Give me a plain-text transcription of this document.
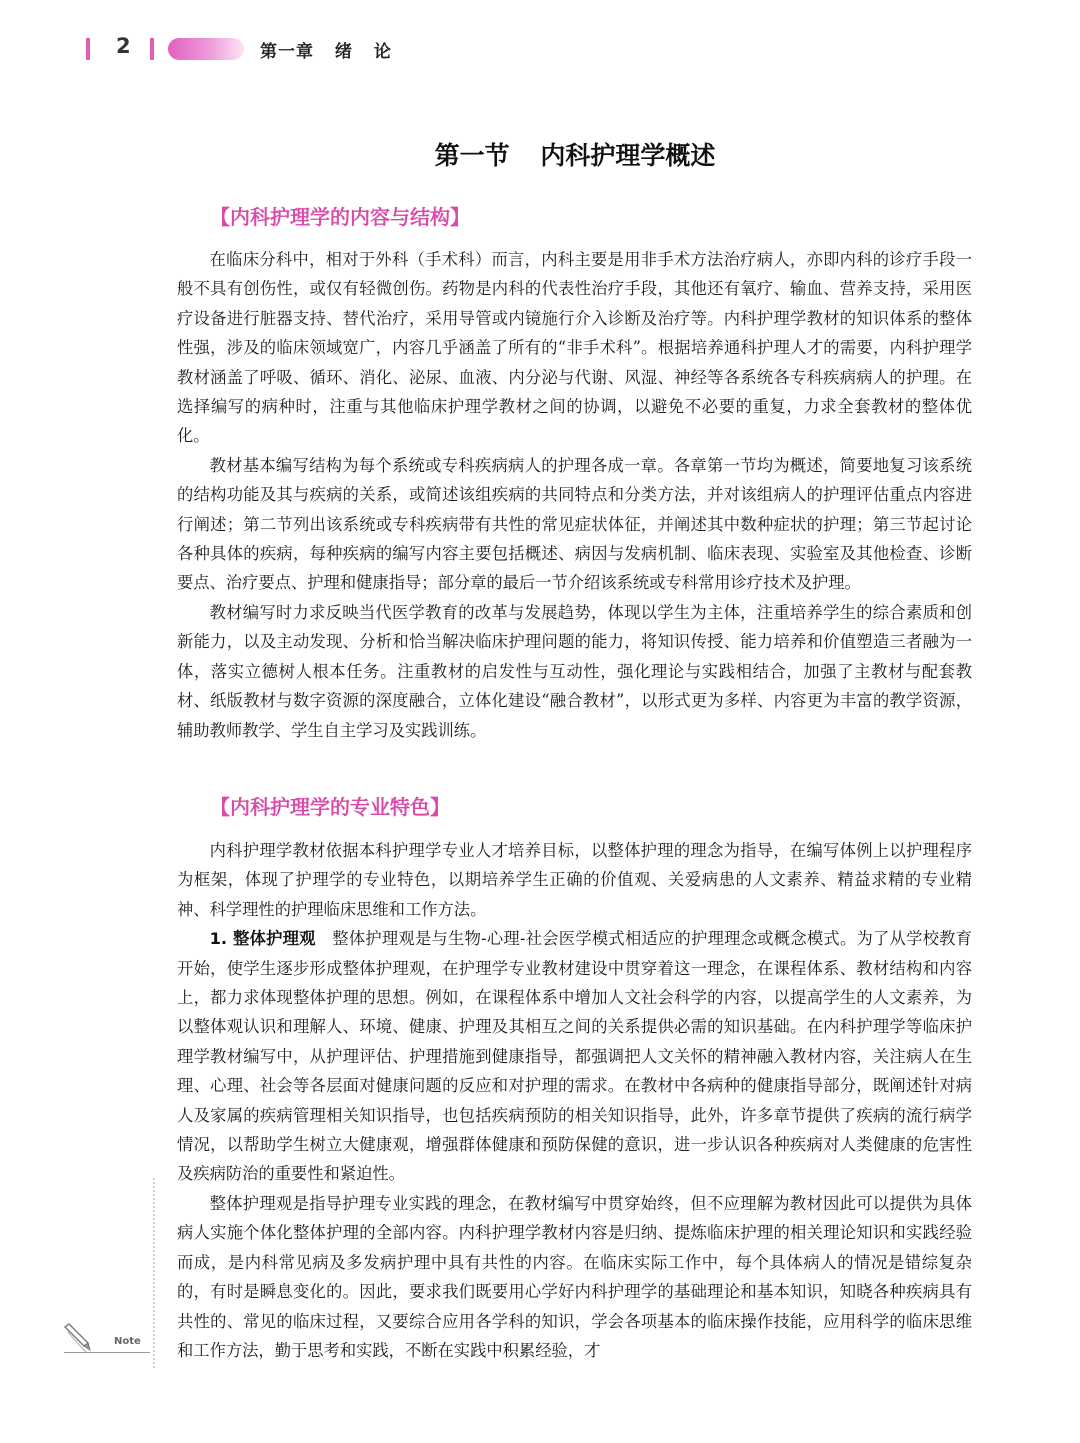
2	第一章 绪 论
第一节 内科护理学概述
【内科护理学的内容与结构】

在临床分科中，相对于外科（手术科）而言，内科主要是用非手术方法治疗病人，亦即内科的诊疗手段一般不具有创伤性，或仅有轻微创伤。药物是内科的代表性治疗手段，其他还有氧疗、输血、营养支持，采用医疗设备进行脏器支持、替代治疗，采用导管或内镜施行介入诊断及治疗等。内科护理学教材的知识体系的整体性强，涉及的临床领域宽广，内容几乎涵盖了所有的“非手术科”。根据培养通科护理人才的需要，内科护理学教材涵盖了呼吸、循环、消化、泌尿、血液、内分泌与代谢、风湿、神经等各系统各专科疾病病人的护理。在选择编写的病种时，注重与其他临床护理学教材之间的协调，以避免不必要的重复，力求全套教材的整体优化。

教材基本编写结构为每个系统或专科疾病病人的护理各成一章。各章第一节均为概述，简要地复习该系统的结构功能及其与疾病的关系，或简述该组疾病的共同特点和分类方法，并对该组病人的护理评估重点内容进行阐述；第二节列出该系统或专科疾病带有共性的常见症状体征，并阐述其中数种症状的护理；第三节起讨论各种具体的疾病，每种疾病的编写内容主要包括概述、病因与发病机制、临床表现、实验室及其他检查、诊断要点、治疗要点、护理和健康指导；部分章的最后一节介绍该系统或专科常用诊疗技术及护理。

教材编写时力求反映当代医学教育的改革与发展趋势，体现以学生为主体，注重培养学生的综合素质和创新能力，以及主动发现、分析和恰当解决临床护理问题的能力，将知识传授、能力培养和价值塑造三者融为一体，落实立德树人根本任务。注重教材的启发性与互动性，强化理论与实践相结合，加强了主教材与配套教材、纸版教材与数字资源的深度融合，立体化建设“融合教材”，以形式更为多样、内容更为丰富的教学资源，辅助教师教学、学生自主学习及实践训练。

【内科护理学的专业特色】

内科护理学教材依据本科护理学专业人才培养目标，以整体护理的理念为指导，在编写体例上以护理程序为框架，体现了护理学的专业特色，以期培养学生正确的价值观、关爱病患的人文素养、精益求精的专业精神、科学理性的护理临床思维和工作方法。

1. 整体护理观　 整体护理观是与生物-心理-社会医学模式相适应的护理理念或概念模式。为了从学校教育开始，使学生逐步形成整体护理观，在护理学专业教材建设中贯穿着这一理念，在课程体系、教材结构和内容上，都力求体现整体护理的思想。例如，在课程体系中增加人文社会科学的内容，以提高学生的人文素养，为以整体观认识和理解人、环境、健康、护理及其相互之间的关系提供必需的知识基础。在内科护理学等临床护理学教材编写中，从护理评估、护理措施到健康指导，都强调把人文关怀的精神融入教材内容，关注病人在生理、心理、社会等各层面对健康问题的反应和对护理的需求。在教材中各病种的健康指导部分，既阐述针对病人及家属的疾病管理相关知识指导，也包括疾病预防的相关知识指导，此外，许多章节提供了疾病的流行病学情况，以帮助学生树立大健康观，增强群体健康和预防保健的意识，进一步认识各种疾病对人类健康的危害性及疾病防治的重要性和紧迫性。

整体护理观是指导护理专业实践的理念，在教材编写中贯穿始终，但不应理解为教材因此可以提供为具体病人实施个体化整体护理的全部内容。内科护理学教材内容是归纳、提炼临床护理的相关理论知识和实践经验而成，是内科常见病及多发病护理中具有共性的内容。在临床实际工作中，每个具体病人的情况是错综复杂的，有时是瞬息变化的。因此，要求我们既要用心学好内科护理学的基础理论和基本知识，知晓各种疾病具有共性的、常见的临床过程，又要综合应用各学科的知识，学会各项基本的临床操作技能，应用科学的临床思维和工作方法，勤于思考和实践，不断在实践中积累经验，才

Note
